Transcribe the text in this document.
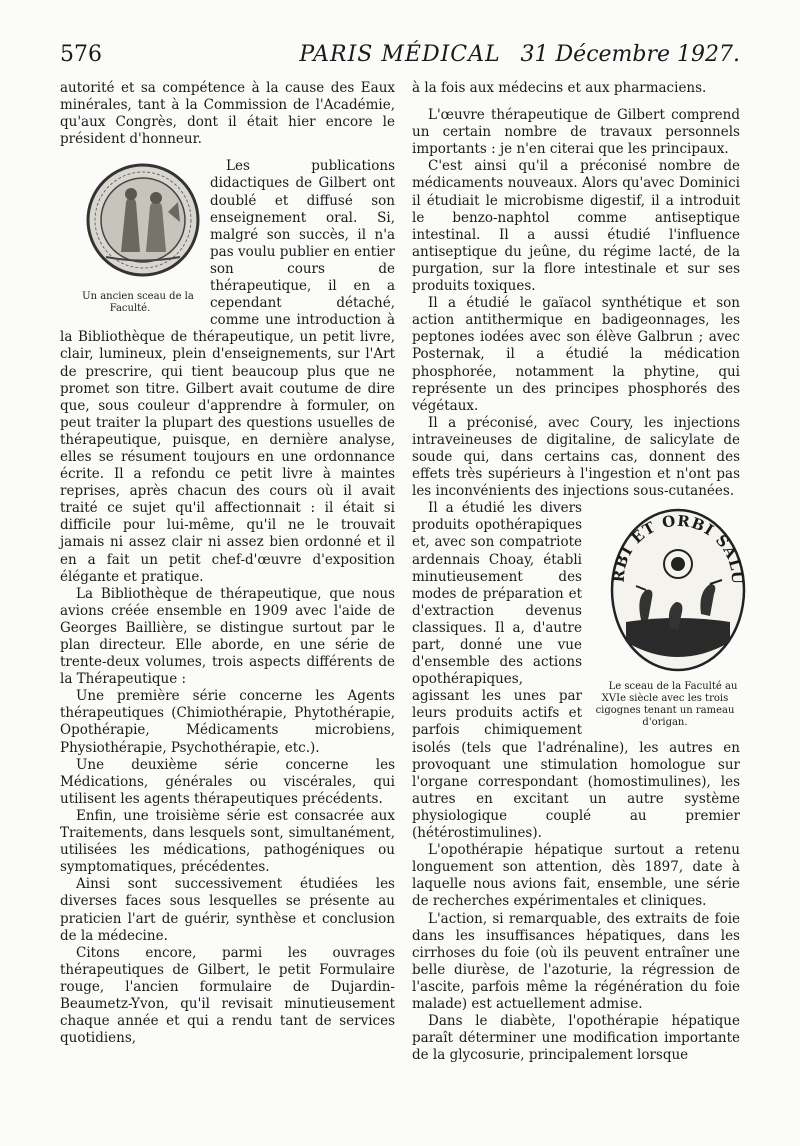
576	PARIS MÉDICAL 31 Décembre 1927.

autorité et sa compétence à la cause des Eaux minérales, tant à la Commission de l'Académie, qu'aux Congrès, dont il était hier encore le président d'honneur.

Un ancien sceau de la Faculté.
Les publications didactiques de Gilbert ont doublé et diffusé son enseignement oral. Si, malgré son succès, il n'a pas voulu publier en entier son cours de thérapeutique, il en a cependant détaché, comme une introduction à la Bibliothèque de thérapeutique, un petit livre, clair, lumineux, plein d'enseignements, sur l'Art de prescrire, qui tient beaucoup plus que ne promet son titre. Gilbert avait coutume de dire que, sous couleur d'apprendre à formuler, on peut traiter la plupart des questions usuelles de thérapeutique, puisque, en dernière analyse, elles se résument toujours en une ordonnance écrite. Il a refondu ce petit livre à maintes reprises, après chacun des cours où il avait traité ce sujet qu'il affectionnait : il était si difficile pour lui-même, qu'il ne le trouvait jamais ni assez clair ni assez bien ordonné et il en a fait un petit chef-d'œuvre d'exposition élégante et pratique.

La Bibliothèque de thérapeutique, que nous avions créée ensemble en 1909 avec l'aide de Georges Baillière, se distingue surtout par le plan directeur. Elle aborde, en une série de trente-deux volumes, trois aspects différents de la Thérapeutique :

Une première série concerne les Agents thérapeutiques (Chimiothérapie, Phytothérapie, Opothérapie, Médicaments microbiens, Physiothérapie, Psychothérapie, etc.).

Une deuxième série concerne les Médications, générales ou viscérales, qui utilisent les agents thérapeutiques précédents.

Enfin, une troisième série est consacrée aux Traitements, dans lesquels sont, simultanément, utilisées les médications, pathogéniques ou symptomatiques, précédentes.

Ainsi sont successivement étudiées les diverses faces sous lesquelles se présente au praticien l'art de guérir, synthèse et conclusion de la médecine.

Citons encore, parmi les ouvrages thérapeutiques de Gilbert, le petit Formulaire rouge, l'ancien formulaire de Dujardin-Beaumetz-Yvon, qu'il revisait minutieusement chaque année et qui a rendu tant de services quotidiens,

à la fois aux médecins et aux pharmaciens.

L'œuvre thérapeutique de Gilbert comprend un certain nombre de travaux personnels importants : je n'en citerai que les principaux.

C'est ainsi qu'il a préconisé nombre de médicaments nouveaux. Alors qu'avec Dominici il étudiait le microbisme digestif, il a introduit le benzo-naphtol comme antiseptique intestinal. Il a aussi étudié l'influence antiseptique du jeûne, du régime lacté, de la purgation, sur la flore intestinale et sur ses produits toxiques.

Il a étudié le gaïacol synthétique et son action antithermique en badigeonnages, les peptones iodées avec son élève Galbrun ; avec Posternak, il a étudié la médication phosphorée, notamment la phytine, qui représente un des principes phosphorés des végétaux.

Il a préconisé, avec Coury, les injections intraveineuses de digitaline, de salicylate de soude qui, dans certains cas, donnent des effets très supérieurs à l'ingestion et n'ont pas les inconvénients des injections sous-cutanées.

RBI ET ORBI SALU
Le sceau de la Faculté au XVIe siècle avec les trois cigognes tenant un rameau d'origan.
Il a étudié les divers produits opothérapiques et, avec son compatriote ardennais Choay, établi minutieusement des modes de préparation et d'extraction devenus classiques. Il a, d'autre part, donné une vue d'ensemble des actions opothérapiques, agissant les unes par leurs produits actifs et parfois chimiquement isolés (tels que l'adrénaline), les autres en provoquant une stimulation homologue sur l'organe correspondant (homostimulines), les autres en excitant un autre système physiologique couplé au premier (hétérostimulines).

L'opothérapie hépatique surtout a retenu longuement son attention, dès 1897, date à laquelle nous avions fait, ensemble, une série de recherches expérimentales et cliniques.

L'action, si remarquable, des extraits de foie dans les insuffisances hépatiques, dans les cirrhoses du foie (où ils peuvent entraîner une belle diurèse, de l'azoturie, la régression de l'ascite, parfois même la régénération du foie malade) est actuellement admise.

Dans le diabète, l'opothérapie hépatique paraît déterminer une modification importante de la glycosurie, principalement lorsque
